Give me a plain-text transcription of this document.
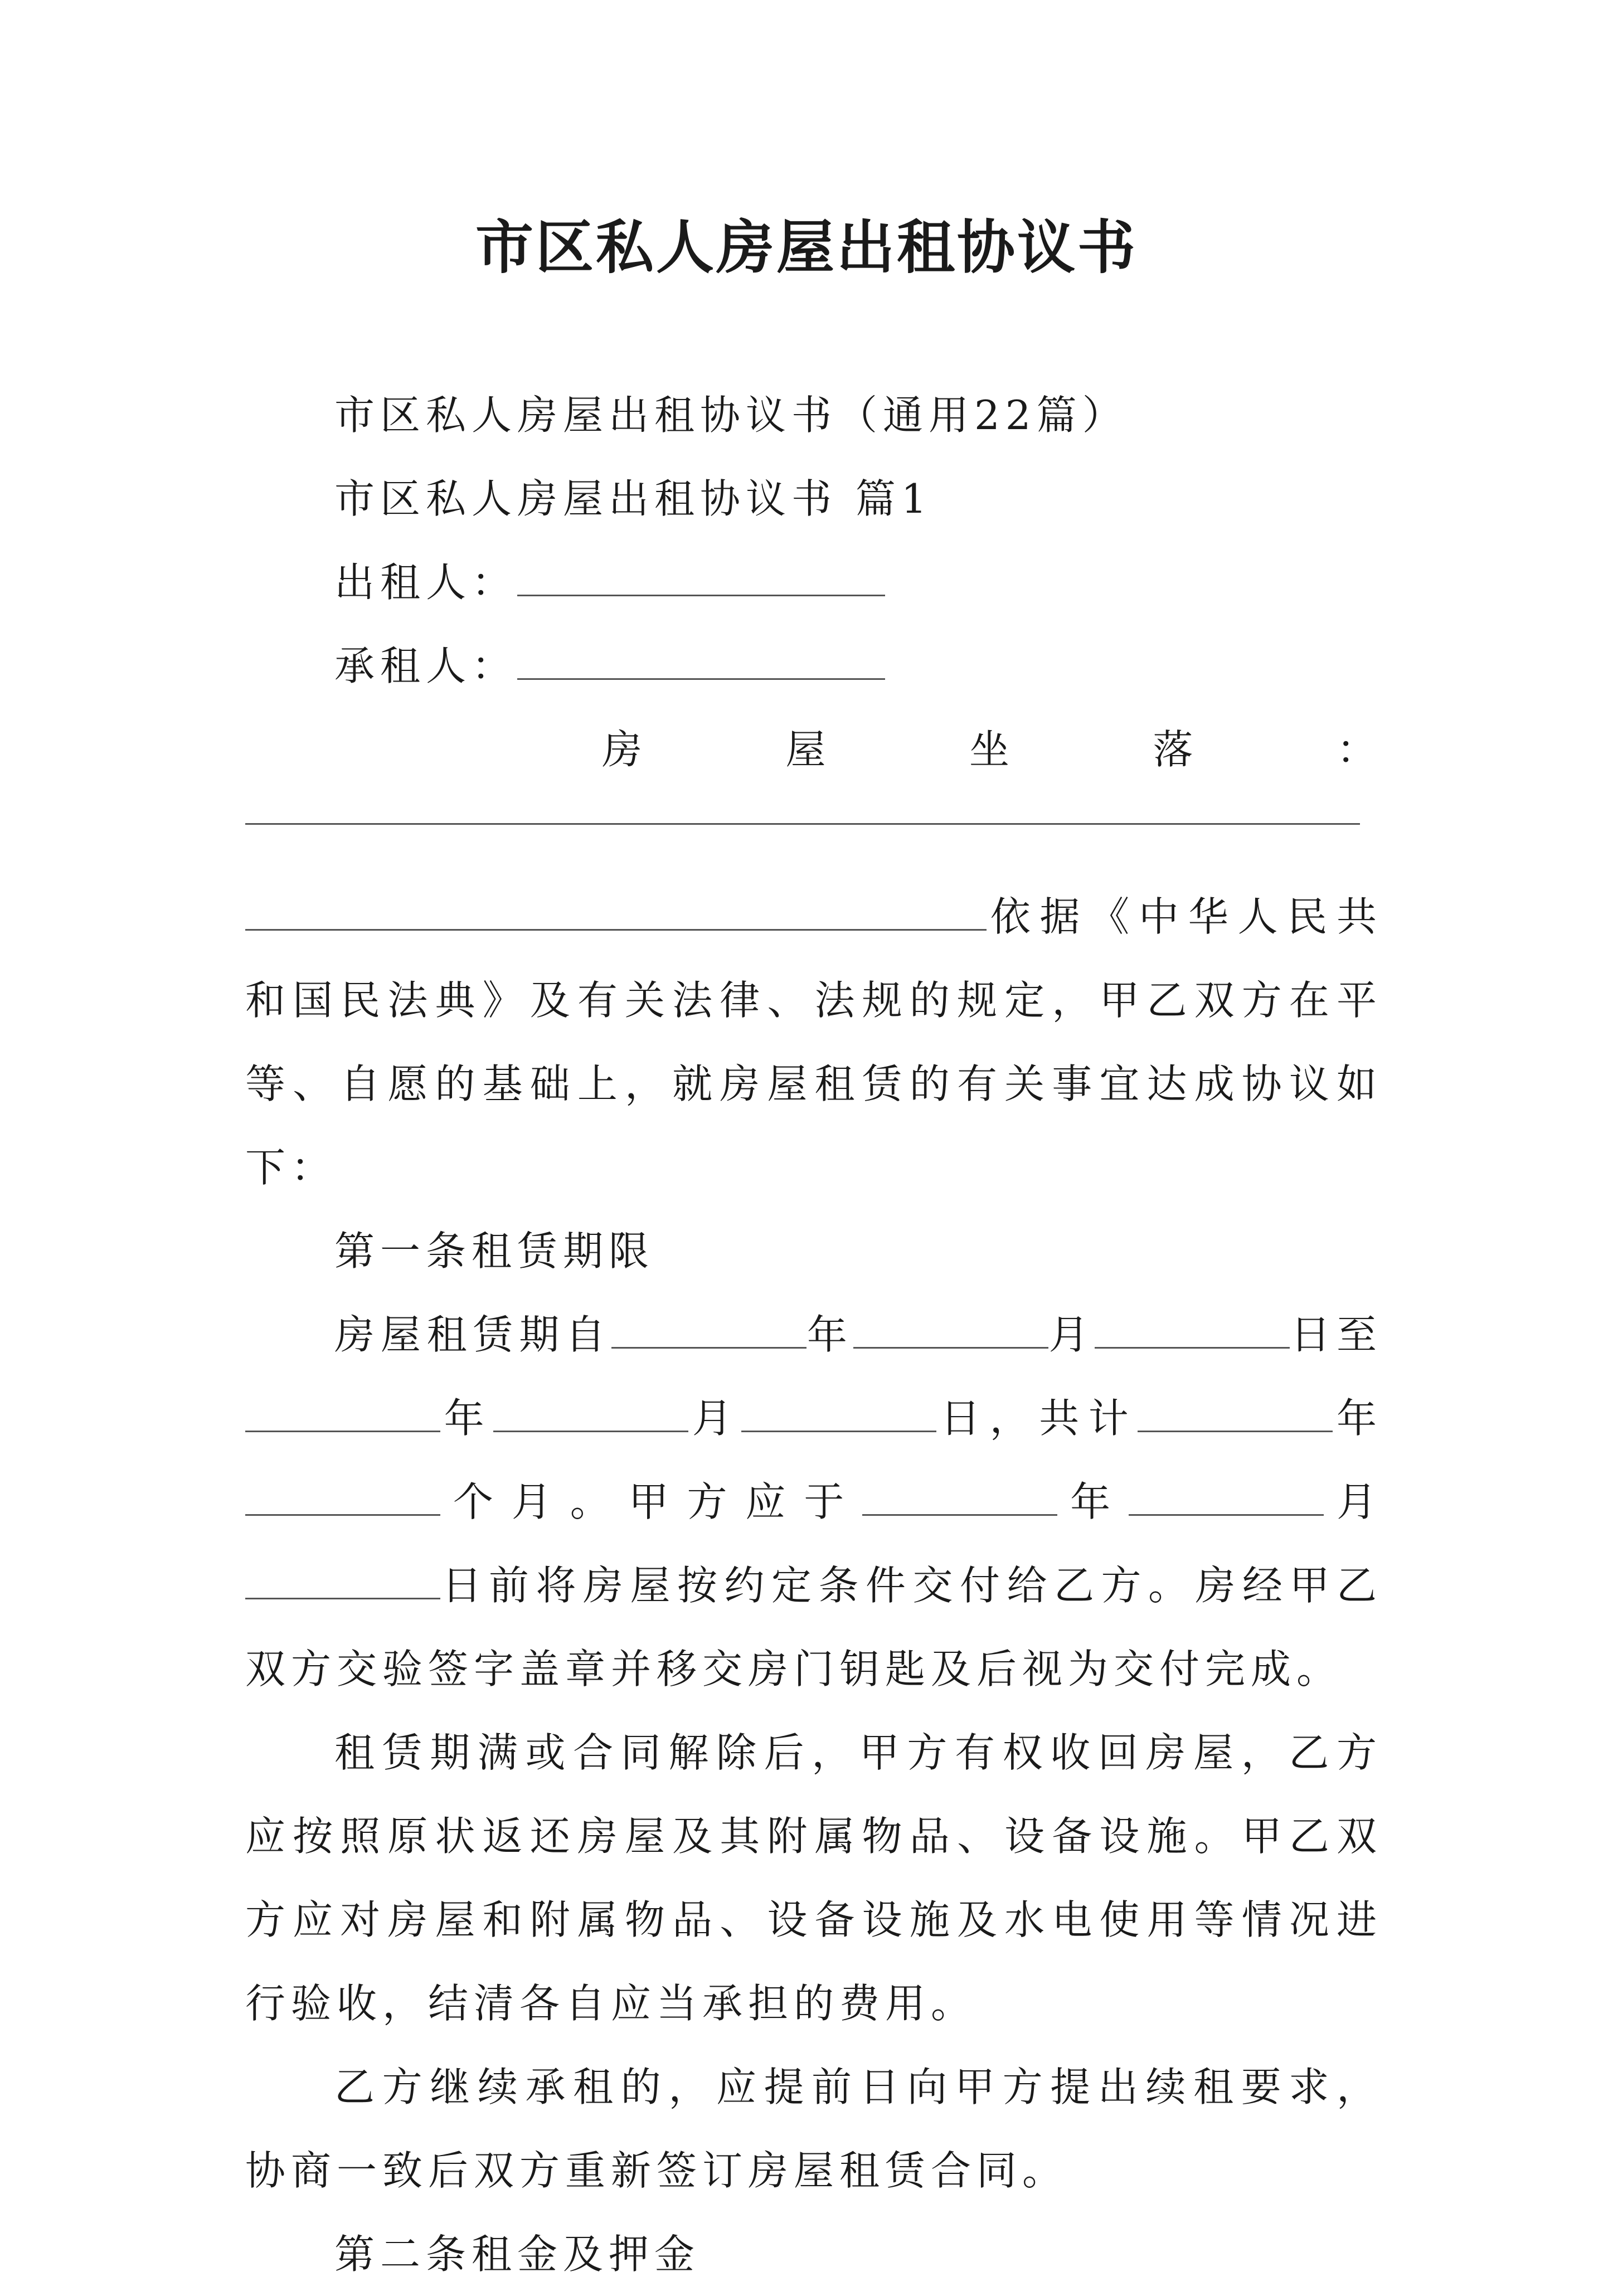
市区私人房屋出租协议书

市区私人房屋出租协议书（通用22篇）

市区私人房屋出租协议书 篇1

出租人：

承租人：

房	屋	坐	落	：

依据《中华人民共和国民法典》及有关法律、法规的规定，甲乙双方在平等、自愿的基础上，就房屋租赁的有关事宜达成协议如下：

第一条租赁期限

房屋租赁期自	年	月	日至年	月	日，共计	年个月。甲方应于	年	月日前将房屋按约定条件交付给乙方。房经甲乙双方交验签字盖章并移交房门钥匙及后视为交付完成。

租赁期满或合同解除后，甲方有权收回房屋，乙方应按照原状返还房屋及其附属物品、设备设施。甲乙双方应对房屋和附属物品、设备设施及水电使用等情况进行验收，结清各自应当承担的费用。

乙方继续承租的，应提前日向甲方提出续租要求，协商一致后双方重新签订房屋租赁合同。

第二条租金及押金
